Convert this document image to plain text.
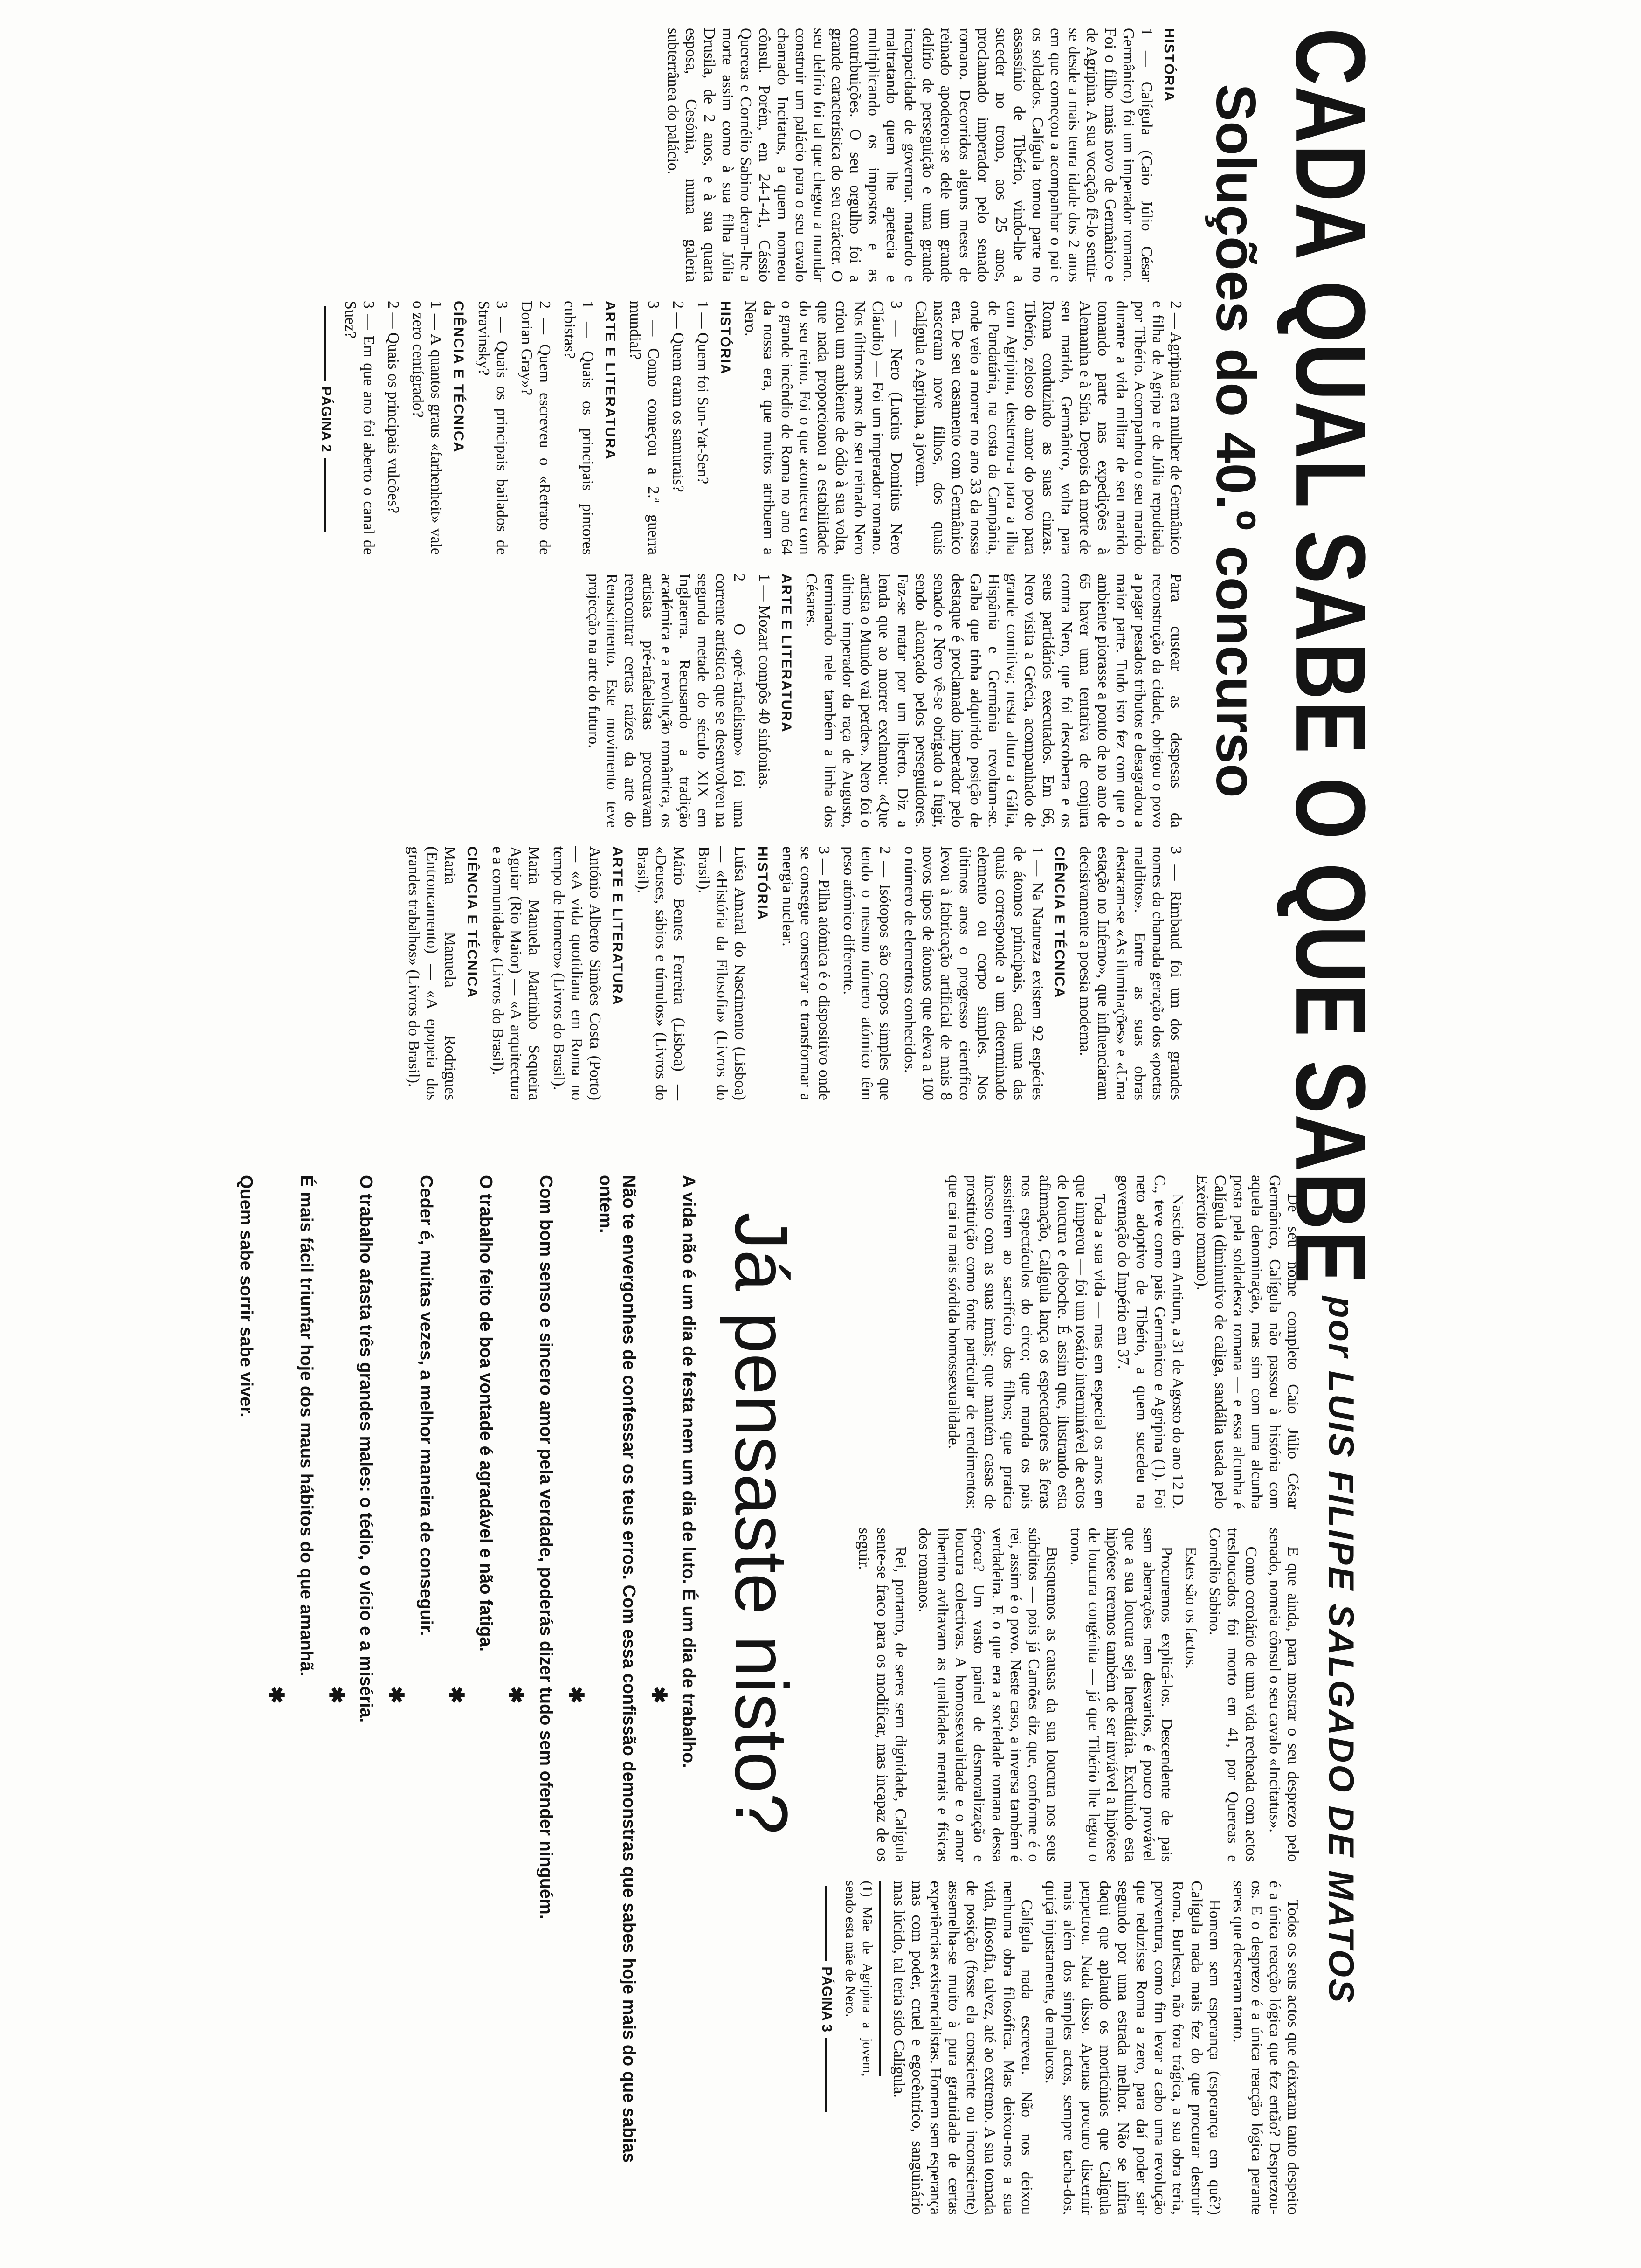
CADA QUAL SABE O QUE SABE
Soluções do 40.º concurso
HISTÓRIA

1 — Calígula (Caio Júlio César Germânico) foi um imperador romano. Foi o filho mais novo de Germânico e de Agripina. A sua vocação fê-lo sentir-se desde a mais tenra idade dos 2 anos em que começou a acompanhar o pai e os soldados. Calígula tomou parte no assassínio de Tibério, vindo-lhe a suceder no trono, aos 25 anos, proclamado imperador pelo senado romano. Decorridos alguns meses de reinado apoderou-se dele um grande delírio de perseguição e uma grande incapacidade de governar, matando e maltratando quem lhe apetecia e multiplicando os impostos e as contribuições. O seu orgulho foi a grande característica do seu carácter. O seu delírio foi tal que chegou a mandar construir um palácio para o seu cavalo chamado Incitatus, a quem nomeou cônsul. Porém, em 24-1-41, Cássio Quereas e Cornélio Sabino deram-lhe a morte assim como à sua filha Júlia Drusila, de 2 anos, e à sua quarta esposa, Cesónia, numa galeria subterrânea do palácio.

2 — Agripina era mulher de Germânico e filha de Agripa e de Júlia repudiada por Tibério. Acompanhou o seu marido durante a vida militar de seu marido tomando parte nas expedições à Alemanha e à Síria. Depois da morte de seu marido, Germânico, volta para Roma conduzindo as suas cinzas. Tibério, zeloso do amor do povo para com Agripina, desterrou-a para a ilha de Pandatária, na costa da Campânia, onde veio a morrer no ano 33 da nossa era. De seu casamento com Germânico nasceram nove filhos, dos quais Calígula e Agripina, a jovem.

3 — Nero (Lucius Domitius Nero Cláudio) — Foi um imperador romano. Nos últimos anos do seu reinado Nero criou um ambiente de ódio à sua volta, que nada proporcionou a estabilidade do seu reino. Foi o que aconteceu com o grande incêndio de Roma no ano 64 da nossa era, que muitos atribuem a Nero.

HISTÓRIA

1 — Quem foi Sun-Yat-Sen?

2 — Quem eram os samurais?

3 — Como começou a 2.ª guerra mundial?

ARTE E LITERATURA

1 — Quais os principais pintores cubistas?

2 — Quem escreveu o «Retrato de Dorian Gray»?

3 — Quais os principais bailados de Stravinsky?

CIÊNCIA E TÉCNICA

1 — A quantos graus «farhenheit» vale o zero centígrado?

2 — Quais os principais vulcões?

3 — Em que ano foi aberto o canal de Suez?

PÁGINA 2

Para custear as despesas da reconstrução da cidade, obrigou o povo a pagar pesados tributos e desagradou a maior parte. Tudo isto fez com que o ambiente piorasse a ponto de no ano de 65 haver uma tentativa de conjura contra Nero, que foi descoberta e os seus partidários executados. Em 66, Nero visita a Grécia, acompanhado de grande comitiva; nesta altura a Gália, Hispânia e Germânia revoltam-se. Galba que tinha adquirido posição de destaque é proclamado imperador pelo senado e Nero vê-se obrigado a fugir, sendo alcançado pelos perseguidores. Faz-se matar por um liberto. Diz a lenda que ao morrer exclamou: «Que artista o Mundo vai perder». Nero foi o último imperador da raça de Augusto, terminando nele também a linha dos Césares.

ARTE E LITERATURA

1 — Mozart compôs 40 sinfonias.

2 — O «pré-rafaelismo» foi uma corrente artística que se desenvolveu na segunda metade do século XIX em Inglaterra. Recusando a tradição académica e a revolução romântica, os artistas pré-rafaelistas procuravam reencontrar certas raízes da arte do Renascimento. Este movimento teve projecção na arte do futuro.

3 — Rimbaud foi um dos grandes nomes da chamada geração dos «poetas malditos». Entre as suas obras destacam-se «As iluminações» e «Uma estação no Inferno», que influenciaram decisivamente a poesia moderna.

CIÊNCIA E TÉCNICA

1 — Na Natureza existem 92 espécies de átomos principais, cada uma das quais corresponde a um determinado elemento ou corpo simples. Nos últimos anos o progresso científico levou à fabricação artificial de mais 8 novos tipos de átomos que eleva a 100 o número de elementos conhecidos.

2 — Isótopos são corpos simples que tendo o mesmo número atómico têm peso atómico diferente.

3 — Pilha atómica é o dispositivo onde se consegue conservar e transformar a energia nuclear.

HISTÓRIA

Luísa Amaral do Nascimento (Lisboa) — «História da Filosofia» (Livros do Brasil).

Mário Bentes Ferreira (Lisboa) — «Deuses, sábios e túmulos» (Livros do Brasil).

ARTE E LITERATURA

António Alberto Simões Costa (Porto) — «A vida quotidiana em Roma no tempo de Homero» (Livros do Brasil).

Maria Manuela Martinho Sequeira Aguiar (Rio Maior) — «A arquitectura e a comunidade» (Livros do Brasil).

CIÊNCIA E TÉCNICA

Maria Manuela Rodrigues (Entroncamento) — «A epopeia dos grandes trabalhos» (Livros do Brasil).

por LUIS FILIPE SALGADO DE MATOS

De seu nome completo Caio Júlio César Germânico, Calígula não passou à história com aquela denominação, mas sim com uma alcunha posta pela soldadesca romana — e essa alcunha é Calígula (diminutivo de caliga, sandália usada pelo Exército romano).

Nascido em Antium, a 31 de Agosto do ano 12 D. C., teve como pais Germânico e Agripina (1). Foi neto adoptivo de Tibério, a quem sucedeu na governação do Império em 37.

Toda a sua vida — mas em especial os anos em que imperou — foi um rosário interminável de actos de loucura e deboche. É assim que, ilustrando esta afirmação, Calígula lança os espectadores às feras nos espectáculos do circo; que manda os pais assistirem ao sacrifício dos filhos; que pratica incesto com as suas irmãs; que mantém casas de prostituição como fonte particular de rendimentos; que cai na mais sórdida homossexualidade.

E que ainda, para mostrar o seu desprezo pelo senado, nomeia cônsul o seu cavalo «Incitatus».

Como corolário de uma vida recheada com actos tresloucados foi morto em 41, por Quereas e Cornélio Sabino.

Estes são os factos.

Procuremos explicá-los. Descendente de pais sem aberrações nem desvarios, é pouco provável que a sua loucura seja hereditária. Excluindo esta hipótese teremos também de ser inviável a hipótese de loucura congénita — já que Tibério lhe legou o trono.

Busquemos as causas da sua loucura nos seus súbditos — pois já Camões diz que, conforme é o rei, assim é o povo. Neste caso, a inversa também é verdadeira. E o que era a sociedade romana dessa época? Um vasto painel de desmoralização e loucura colectivas. A homossexualidade e o amor libertino aviltavam as qualidades mentais e físicas dos romanos.

Rei, portanto, de seres sem dignidade, Calígula sente-se fraco para os modificar, mas incapaz de os seguir.

Todos os seus actos que deixaram tanto despeito é a única reacção lógica que fez então? Desprezou-os. E o desprezo é a única reacção lógica perante seres que desceram tanto.

Homem sem esperança (esperança em quê?) Calígula nada mais fez do que procurar destruir Roma. Burlesca, não fora trágica, a sua obra teria, porventura, como fim levar a cabo uma revolução que reduzisse Roma a zero, para daí poder sair segundo por uma estrada melhor. Não se infira daqui que aplaudo os morticínios que Calígula perpetrou. Nada disso. Apenas procuro discernir mais além dos simples actos, sempre tacha-dos, quiçá injustamente, de malucos.

Calígula nada escreveu. Não nos deixou nenhuma obra filosófica. Mas deixou-nos a sua vida, filosofia, talvez, até ao extremo. A sua tomada de posição (fosse ela consciente ou inconsciente) assemelha-se muito à pura gratuidade de certas experiências existencialistas. Homem sem esperança mas com poder, cruel e egocêntrico, sanguinário mas lúcido, tal teria sido Calígula.

(1) Mãe de Agripina a jovem, sendo esta mãe de Nero.
PÁGINA 3
Já pensaste nisto?

A vida não é um dia de festa nem um dia de luto. É um dia de trabalho.

✱

Não te envergonhes de confessar os teus erros. Com essa confissão demonstras que sabes hoje mais do que sabias ontem.

✱

Com bom senso e sincero amor pela verdade, poderás dizer tudo sem ofender ninguém.

✱

O trabalho feito de boa vontade é agradável e não fatiga.

✱

Ceder é, muitas vezes, a melhor maneira de conseguir.

✱

O trabalho afasta três grandes males: o tédio, o vício e a miséria.

✱

É mais fácil triunfar hoje dos maus hábitos do que amanhã.

✱

Quem sabe sorrir sabe viver.
